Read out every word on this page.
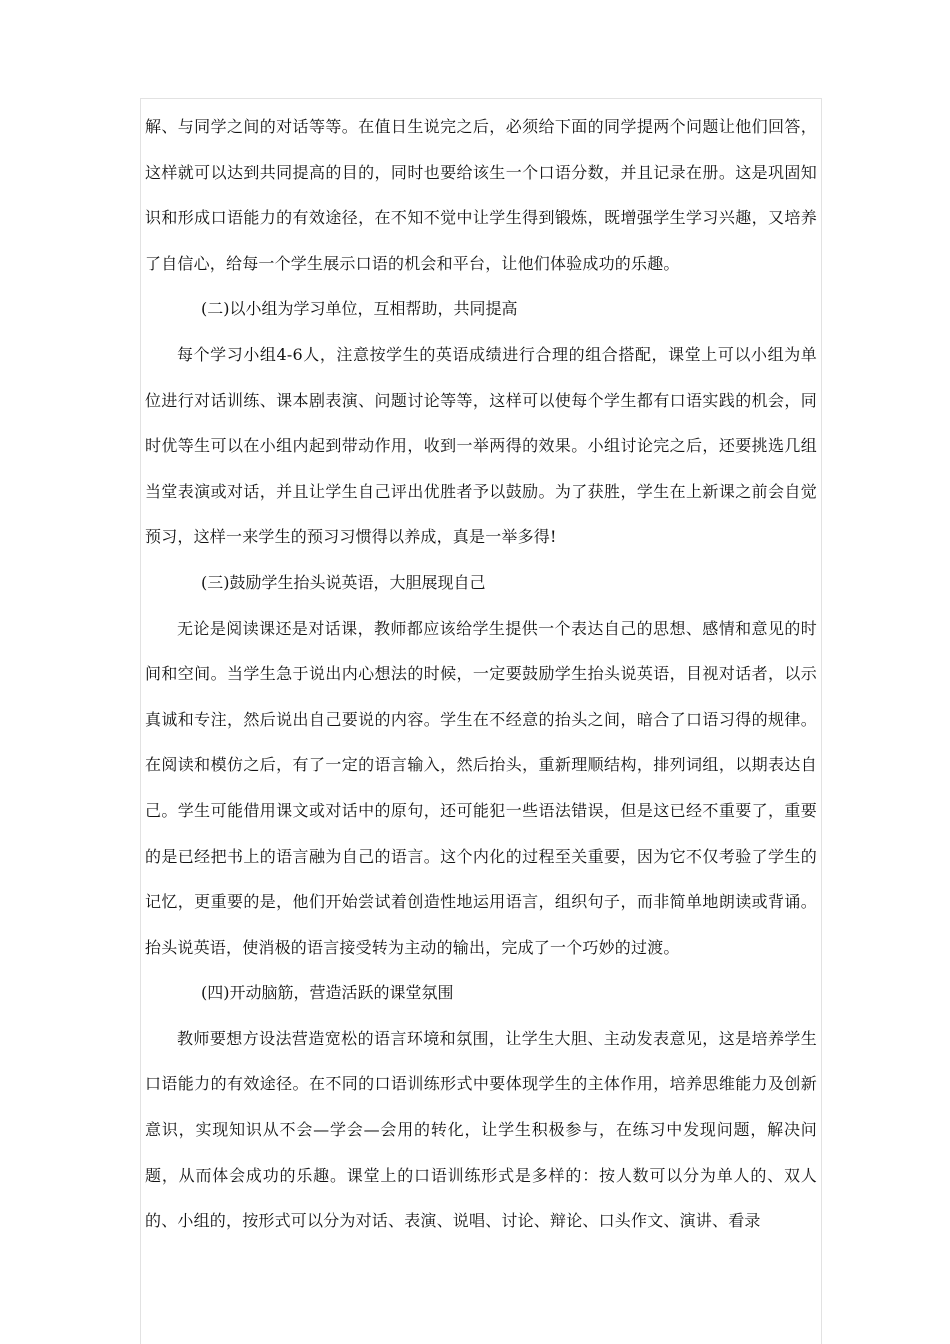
解、与同学之间的对话等等。在值日生说完之后，必须给下面的同学提两个问题让他们回答，这样就可以达到共同提高的目的，同时也要给该生一个口语分数，并且记录在册。这是巩固知识和形成口语能力的有效途径，在不知不觉中让学生得到锻炼，既增强学生学习兴趣，又培养了自信心，给每一个学生展示口语的机会和平台，让他们体验成功的乐趣。

(二)以小组为学习单位，互相帮助，共同提高

每个学习小组4-6人，注意按学生的英语成绩进行合理的组合搭配，课堂上可以小组为单位进行对话训练、课本剧表演、问题讨论等等，这样可以使每个学生都有口语实践的机会，同时优等生可以在小组内起到带动作用，收到一举两得的效果。小组讨论完之后，还要挑选几组当堂表演或对话，并且让学生自己评出优胜者予以鼓励。为了获胜，学生在上新课之前会自觉预习，这样一来学生的预习习惯得以养成，真是一举多得!

(三)鼓励学生抬头说英语，大胆展现自己

无论是阅读课还是对话课，教师都应该给学生提供一个表达自己的思想、感情和意见的时间和空间。当学生急于说出内心想法的时候，一定要鼓励学生抬头说英语，目视对话者，以示真诚和专注，然后说出自己要说的内容。学生在不经意的抬头之间，暗合了口语习得的规律。在阅读和模仿之后，有了一定的语言输入，然后抬头，重新理顺结构，排列词组，以期表达自己。学生可能借用课文或对话中的原句，还可能犯一些语法错误，但是这已经不重要了，重要的是已经把书上的语言融为自己的语言。这个内化的过程至关重要，因为它不仅考验了学生的记忆，更重要的是，他们开始尝试着创造性地运用语言，组织句子，而非简单地朗读或背诵。抬头说英语，使消极的语言接受转为主动的输出，完成了一个巧妙的过渡。

(四)开动脑筋，营造活跃的课堂氛围

教师要想方设法营造宽松的语言环境和氛围，让学生大胆、主动发表意见，这是培养学生口语能力的有效途径。在不同的口语训练形式中要体现学生的主体作用，培养思维能力及创新意识，实现知识从不会—学会—会用的转化，让学生积极参与，在练习中发现问题，解决问题，从而体会成功的乐趣。课堂上的口语训练形式是多样的：按人数可以分为单人的、双人的、小组的，按形式可以分为对话、表演、说唱、讨论、辩论、口头作文、演讲、看录
